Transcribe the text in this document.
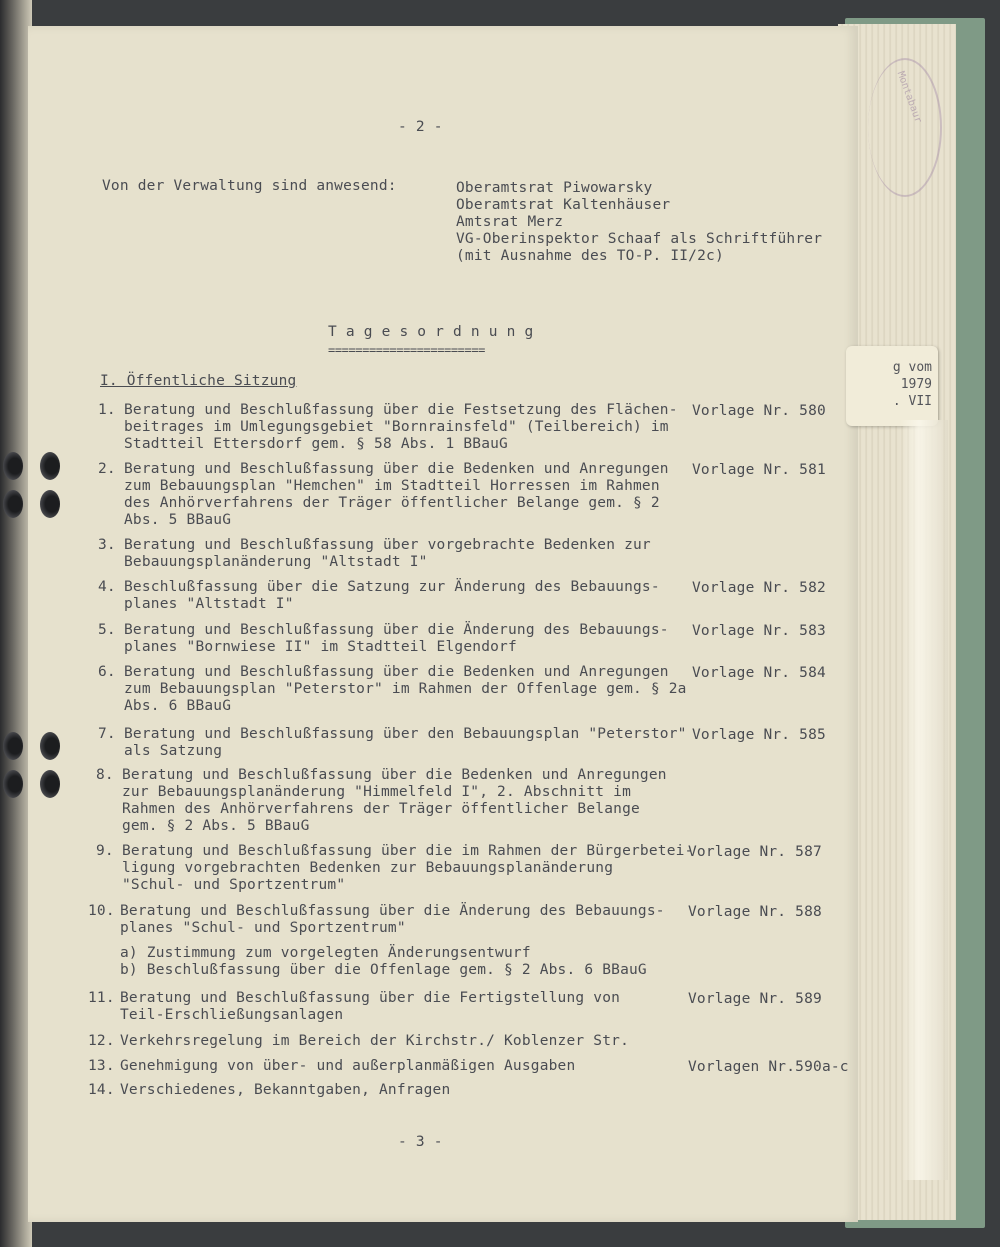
Montabaur
g vom
1979
. VII
- 2 -
Von der Verwaltung sind anwesend:	Oberamtsrat Piwowarsky
Oberamtsrat Kaltenhäuser
Amtsrat Merz
VG-Oberinspektor Schaaf als Schriftführer
(mit Ausnahme des TO-P. II/2c)
T a g e s o r d n u n g
=======================
I. Öffentliche Sitzung
1. Beratung und Beschlußfassung über die Festsetzung des Flächen-
beitrages im Umlegungsgebiet "Bornrainsfeld" (Teilbereich) im
Stadtteil Ettersdorf gem. § 58 Abs. 1 BBauG
Vorlage Nr. 580
2. Beratung und Beschlußfassung über die Bedenken und Anregungen
zum Bebauungsplan "Hemchen" im Stadtteil Horressen im Rahmen
des Anhörverfahrens der Träger öffentlicher Belange gem. § 2
Abs. 5 BBauG
Vorlage Nr. 581
3. Beratung und Beschlußfassung über vorgebrachte Bedenken zur
Bebauungsplanänderung "Altstadt I"
4. Beschlußfassung über die Satzung zur Änderung des Bebauungs-
planes "Altstadt I"
Vorlage Nr. 582
5. Beratung und Beschlußfassung über die Änderung des Bebauungs-
planes "Bornwiese II" im Stadtteil Elgendorf
Vorlage Nr. 583
6. Beratung und Beschlußfassung über die Bedenken und Anregungen
zum Bebauungsplan "Peterstor" im Rahmen der Offenlage gem. § 2a
Abs. 6 BBauG
Vorlage Nr. 584
7. Beratung und Beschlußfassung über den Bebauungsplan "Peterstor"
als Satzung
Vorlage Nr. 585
8. Beratung und Beschlußfassung über die Bedenken und Anregungen
zur Bebauungsplanänderung "Himmelfeld I", 2. Abschnitt im
Rahmen des Anhörverfahrens der Träger öffentlicher Belange
gem. § 2 Abs. 5 BBauG
9. Beratung und Beschlußfassung über die im Rahmen der Bürgerbetei-
ligung vorgebrachten Bedenken zur Bebauungsplanänderung
"Schul- und Sportzentrum"
Vorlage Nr. 587
10. Beratung und Beschlußfassung über die Änderung des Bebauungs-
planes "Schul- und Sportzentrum"
Vorlage Nr. 588
a) Zustimmung zum vorgelegten Änderungsentwurf
b) Beschlußfassung über die Offenlage gem. § 2 Abs. 6 BBauG
11. Beratung und Beschlußfassung über die Fertigstellung von
Teil-Erschließungsanlagen
Vorlage Nr. 589
12. Verkehrsregelung im Bereich der Kirchstr./ Koblenzer Str.
13. Genehmigung von über- und außerplanmäßigen Ausgaben	Vorlagen Nr.590a-c
14. Verschiedenes, Bekanntgaben, Anfragen
- 3 -
